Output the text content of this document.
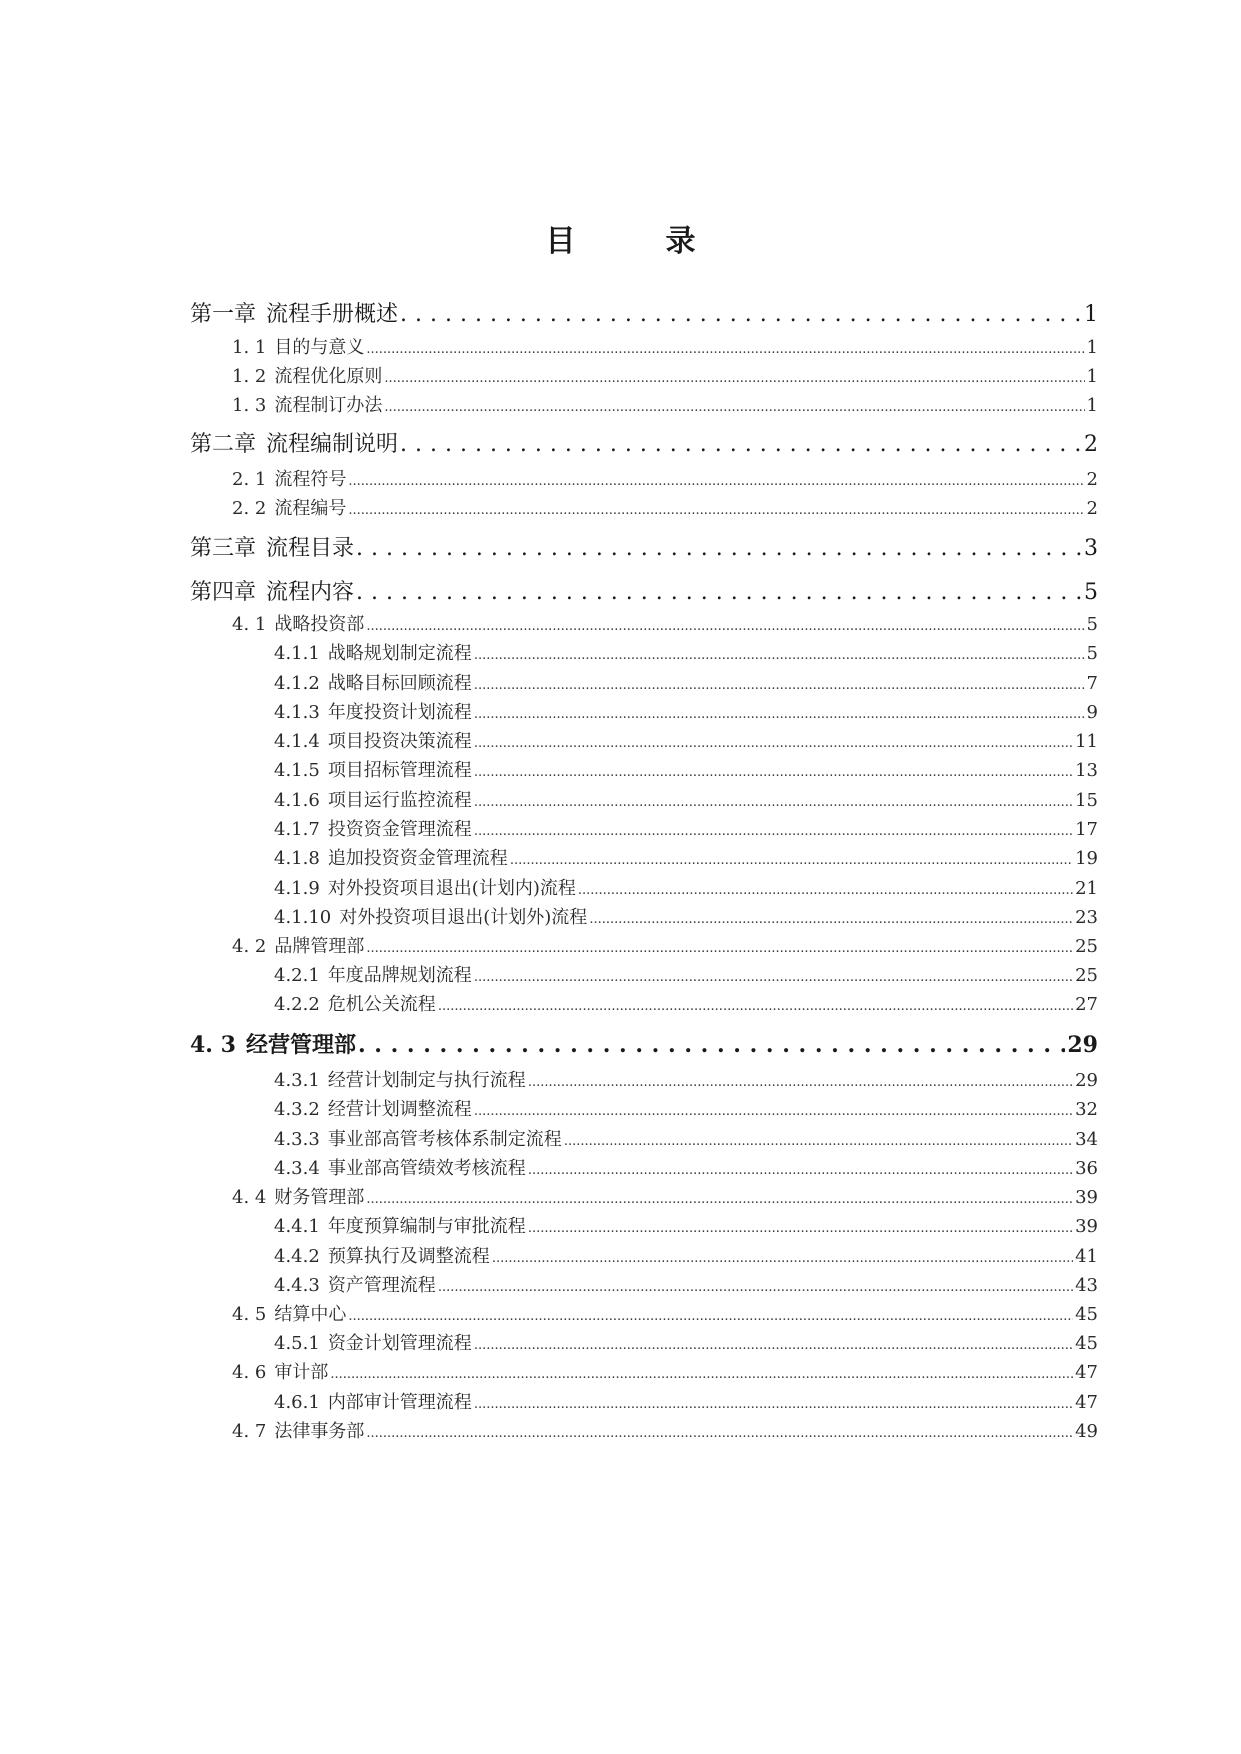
目　录
第一章 流程手册概述 . . .	1
1. 1 目的与意义 .....	1
1. 2 流程优化原则 .....	1
1. 3 流程制订办法 .....	1
第二章 流程编制说明 . . .	2
2. 1 流程符号 .....	2
2. 2 流程编号 .....	2
第三章 流程目录 . . .	3
第四章 流程内容 . . .	5
4. 1 战略投资部 .....	5
4.1.1 战略规划制定流程 .....	5
4.1.2 战略目标回顾流程 .....	7
4.1.3 年度投资计划流程 .....	9
4.1.4 项目投资决策流程 .....	11
4.1.5 项目招标管理流程 .....	13
4.1.6 项目运行监控流程 .....	15
4.1.7 投资资金管理流程 .....	17
4.1.8 追加投资资金管理流程 .....	19
4.1.9 对外投资项目退出(计划内)流程 .....	21
4.1.10 对外投资项目退出(计划外)流程 .....	23
4. 2 品牌管理部 .....	25
4.2.1 年度品牌规划流程 .....	25
4.2.2 危机公关流程 .....	27
4. 3 经营管理部 . . .	29
4.3.1 经营计划制定与执行流程 .....	29
4.3.2 经营计划调整流程 .....	32
4.3.3 事业部高管考核体系制定流程 .....	34
4.3.4 事业部高管绩效考核流程 .....	36
4. 4 财务管理部 .....	39
4.4.1 年度预算编制与审批流程 .....	39
4.4.2 预算执行及调整流程 .....	41
4.4.3 资产管理流程 .....	43
4. 5 结算中心 .....	45
4.5.1 资金计划管理流程 .....	45
4. 6 审计部 .....	47
4.6.1 内部审计管理流程 .....	47
4. 7 法律事务部 .....	49
